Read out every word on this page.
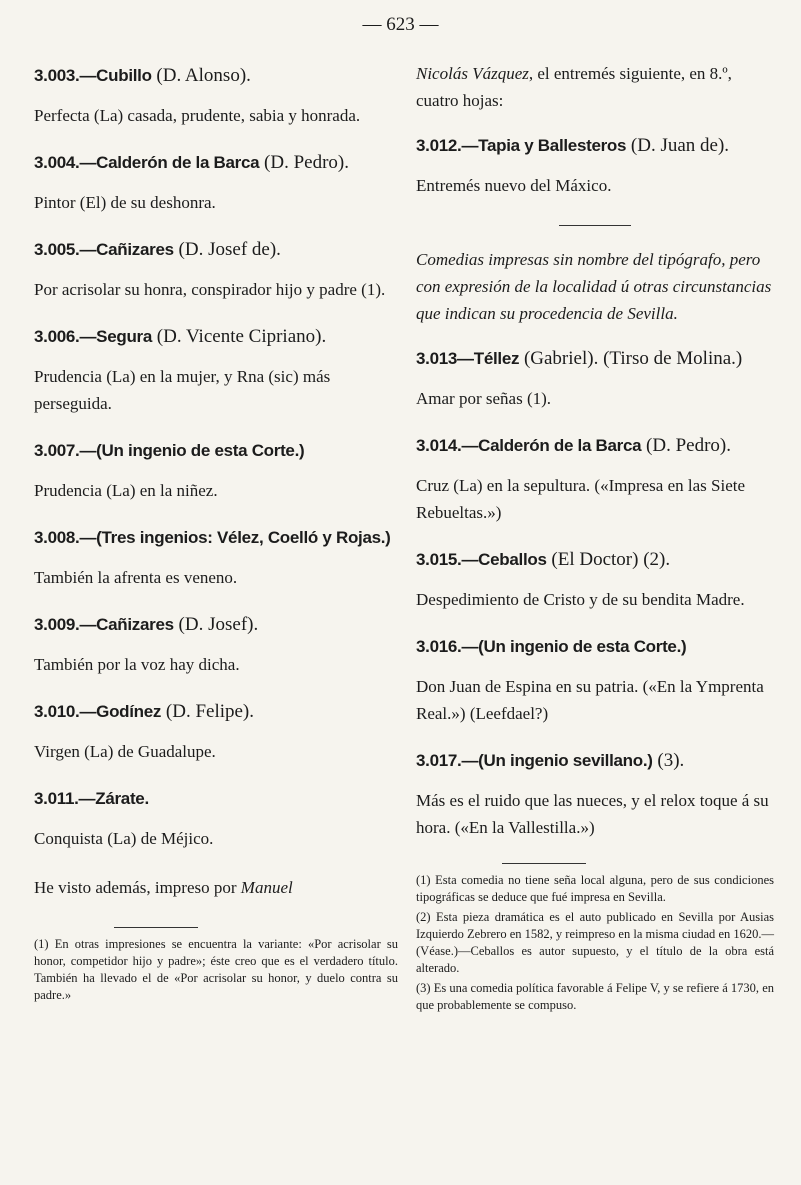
— 623 —
3.003.—Cubillo (D. Alonso).

Perfecta (La) casada, prudente, sabia y honrada.

3.004.—Calderón de la Barca (D. Pedro).

Pintor (El) de su deshonra.

3.005.—Cañizares (D. Josef de).

Por acrisolar su honra, conspirador hijo y padre (1).

3.006.—Segura (D. Vicente Cipriano).

Prudencia (La) en la mujer, y Rna (sic) más perseguida.

3.007.—(Un ingenio de esta Corte.)

Prudencia (La) en la niñez.

3.008.—(Tres ingenios: Vélez, Coelló y Rojas.)

También la afrenta es veneno.

3.009.—Cañizares (D. Josef).

También por la voz hay dicha.

3.010.—Godínez (D. Felipe).

Virgen (La) de Guadalupe.

3.011.—Zárate.

Conquista (La) de Méjico.

He visto además, impreso por Manuel

(1) En otras impresiones se encuentra la variante: «Por acrisolar su honor, competidor hijo y padre»; éste creo que es el verdadero título. También ha llevado el de «Por acrisolar su honor, y duelo contra su padre.»

Nicolás Vázquez, el entremés siguiente, en 8.º, cuatro hojas:

3.012.—Tapia y Ballesteros (D. Juan de).

Entremés nuevo del Máxico.

Comedias impresas sin nombre del tipógrafo, pero con expresión de la localidad ú otras circunstancias que indican su procedencia de Sevilla.

3.013—Téllez (Gabriel). (Tirso de Molina.)

Amar por señas (1).

3.014.—Calderón de la Barca (D. Pedro).

Cruz (La) en la sepultura. («Impresa en las Siete Rebueltas.»)

3.015.—Ceballos (El Doctor) (2).

Despedimiento de Cristo y de su bendita Madre.

3.016.—(Un ingenio de esta Corte.)

Don Juan de Espina en su patria. («En la Ymprenta Real.») (Leefdael?)

3.017.—(Un ingenio sevillano.) (3).

Más es el ruido que las nueces, y el relox toque á su hora. («En la Vallestilla.»)

(1) Esta comedia no tiene seña local alguna, pero de sus condiciones tipográficas se deduce que fué impresa en Sevilla.

(2) Esta pieza dramática es el auto publicado en Sevilla por Ausias Izquierdo Zebrero en 1582, y reimpreso en la misma ciudad en 1620.—(Véase.)—Ceballos es autor supuesto, y el título de la obra está alterado.

(3) Es una comedia política favorable á Felipe V, y se refiere á 1730, en que probablemente se compuso.
